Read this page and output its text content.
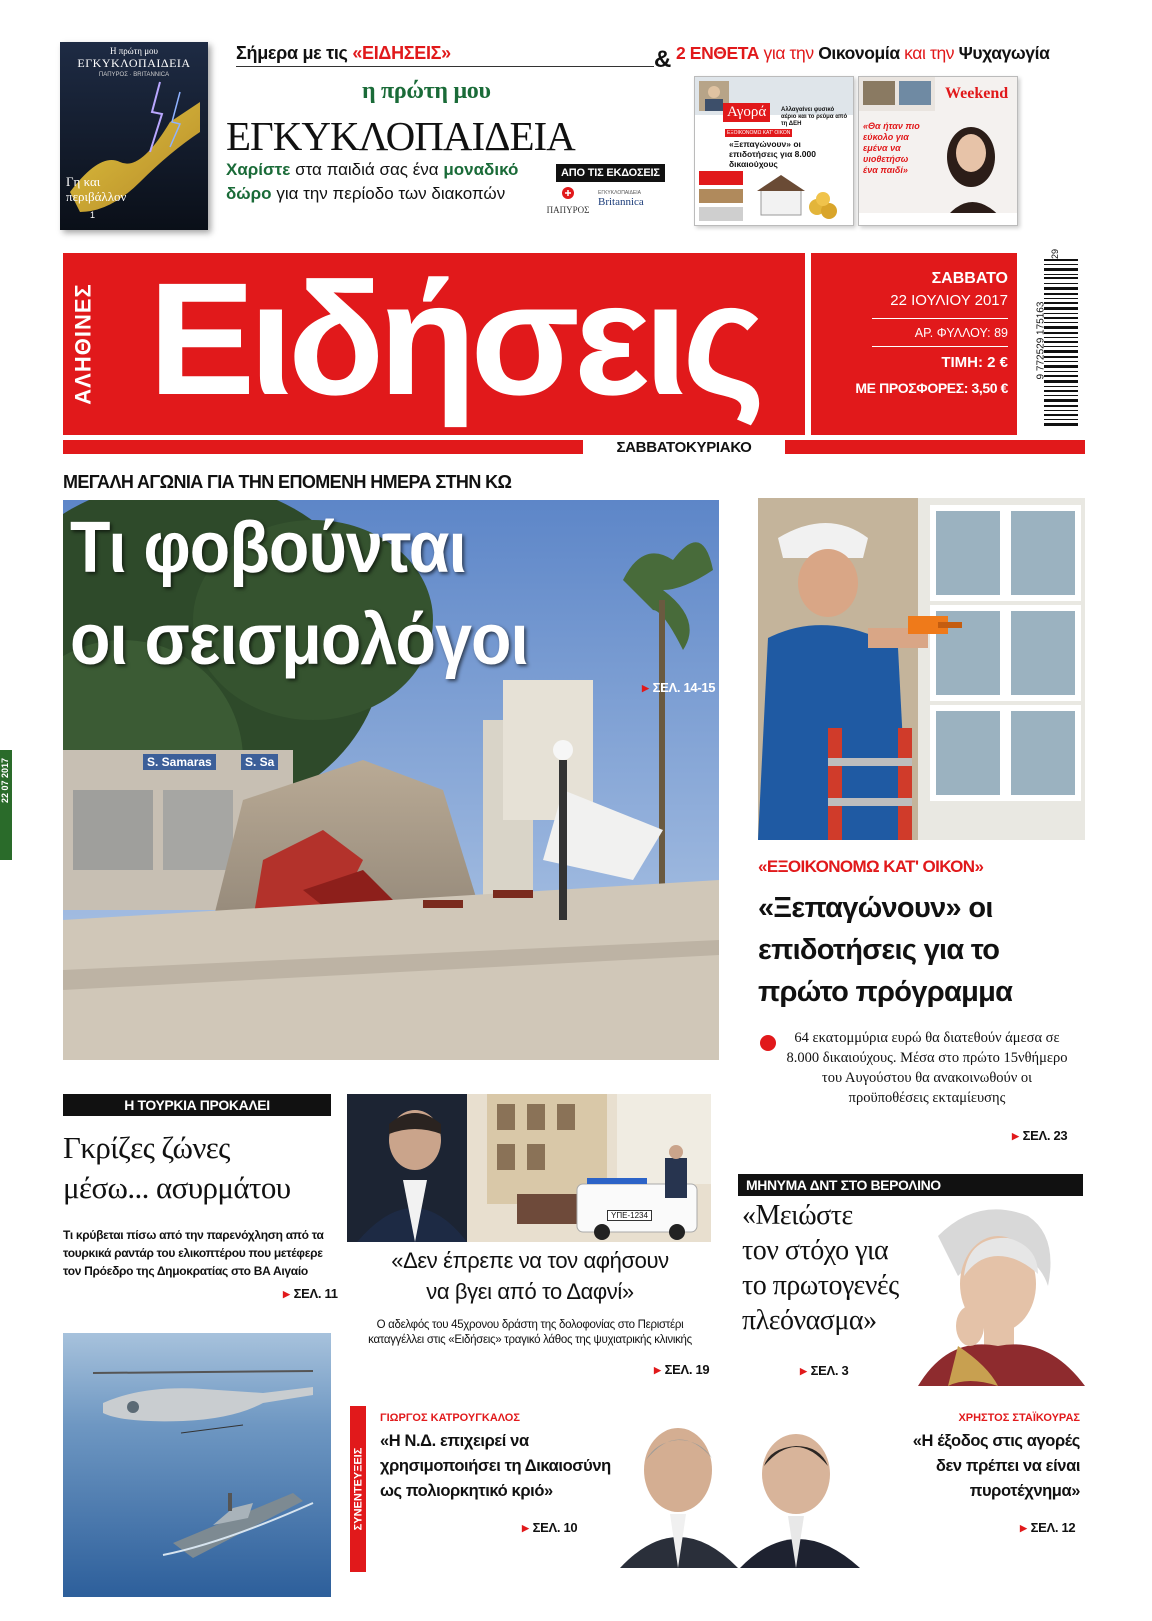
22 07 2017
Η πρώτη μου
ΕΓΚΥΚΛΟΠΑΙΔΕΙΑ
ΠΑΠΥΡΟΣ · BRITANNICA
Γη και περιβάλλον
1
Σήμερα με τις «ΕΙΔΗΣΕΙΣ»	&
η πρώτη μου
ΕΓΚΥΚΛΟΠΑΙΔΕΙΑ
Χαρίστε στα παιδιά σας ένα μοναδικό
δώρο για την περίοδο των διακοπών
ΑΠΟ ΤΙΣ ΕΚΔΟΣΕΙΣ
ΠΑΠΥΡΟΣ
ΕΓΚΥΚΛΟΠΑΙΔΕΙΑ
Britannica
2 ΕΝΘΕΤΑ για την Οικονομία και την Ψυχαγωγία
Αγορά	Αλλαγαίνει φυσικό αέριο και το ρεύμα από τη ΔΕΗ
ΕΞΟΙΚΟΝΟΜΩ ΚΑΤ' ΟΙΚΟΝ
«Ξεπαγώνουν» οι επιδοτήσεις για 8.000 δικαιούχους
Weekend
«Θα ήταν πιο εύκολο για εμένα να υιοθετήσω ένα παιδί»
ΑΛΗΘΙΝΕΣ Ειδήσεις	ΣΑΒΒΑΤΟ
22 ΙΟΥΛΙΟΥ 2017
ΑΡ. ΦΥΛΛΟΥ: 89
ΤΙΜΗ: 2 €
ΜΕ ΠΡΟΣΦΟΡΕΣ: 3,50 €
9 772529 175163
29
ΣΑΒΒΑΤΟΚΥΡΙΑΚΟ
ΜΕΓΑΛΗ ΑΓΩΝΙΑ ΓΙΑ ΤΗΝ ΕΠΟΜΕΝΗ ΗΜΕΡΑ ΣΤΗΝ ΚΩ
S. Samaras	S. Sa
Τι φοβούνται
οι σεισμολόγοι
▶ ΣΕΛ. 14-15
«ΕΞΟΙΚΟΝΟΜΩ ΚΑΤ' ΟΙΚΟΝ»
«Ξεπαγώνουν» οι
επιδοτήσεις για το
πρώτο πρόγραμμα
64 εκατομμύρια ευρώ θα διατεθούν άμεσα σε 8.000 δικαιούχους. Μέσα στο πρώτο 15νθήμερο του Αυγούστου θα ανακοινωθούν οι προϋποθέσεις εκταμίευσης
▶ ΣΕΛ. 23
Η ΤΟΥΡΚΙΑ ΠΡΟΚΑΛΕΙ
Γκρίζες ζώνες
μέσω... ασυρμάτου
Τι κρύβεται πίσω από την παρενόχληση από τα τουρκικά ραντάρ του ελικοπτέρου που μετέφερε τον Πρόεδρο της Δημοκρατίας στο ΒΑ Αιγαίο
▶ ΣΕΛ. 11
ΥΠΕ-1234
«Δεν έπρεπε να τον αφήσουν
να βγει από το Δαφνί»
Ο αδελφός του 45χρονου δράστη της δολοφονίας στο Περιστέρι καταγγέλλει στις «Ειδήσεις» τραγικό λάθος της ψυχιατρικής κλινικής
▶ ΣΕΛ. 19
ΜΗΝΥΜΑ ΔΝΤ ΣΤΟ ΒΕΡΟΛΙΝΟ
«Μειώστε
τον στόχο για
το πρωτογενές
πλεόνασμα»
▶ ΣΕΛ. 3
ΣΥΝΕΝΤΕΥΞΕΙΣ
ΓΙΩΡΓΟΣ ΚΑΤΡΟΥΓΚΑΛΟΣ
«Η Ν.Δ. επιχειρεί να
χρησιμοποιήσει τη Δικαιοσύνη
ως πολιορκητικό κριό»
▶ ΣΕΛ. 10
ΧΡΗΣΤΟΣ ΣΤΑΪΚΟΥΡΑΣ
«Η έξοδος στις αγορές
δεν πρέπει να είναι
πυροτέχνημα»
▶ ΣΕΛ. 12
